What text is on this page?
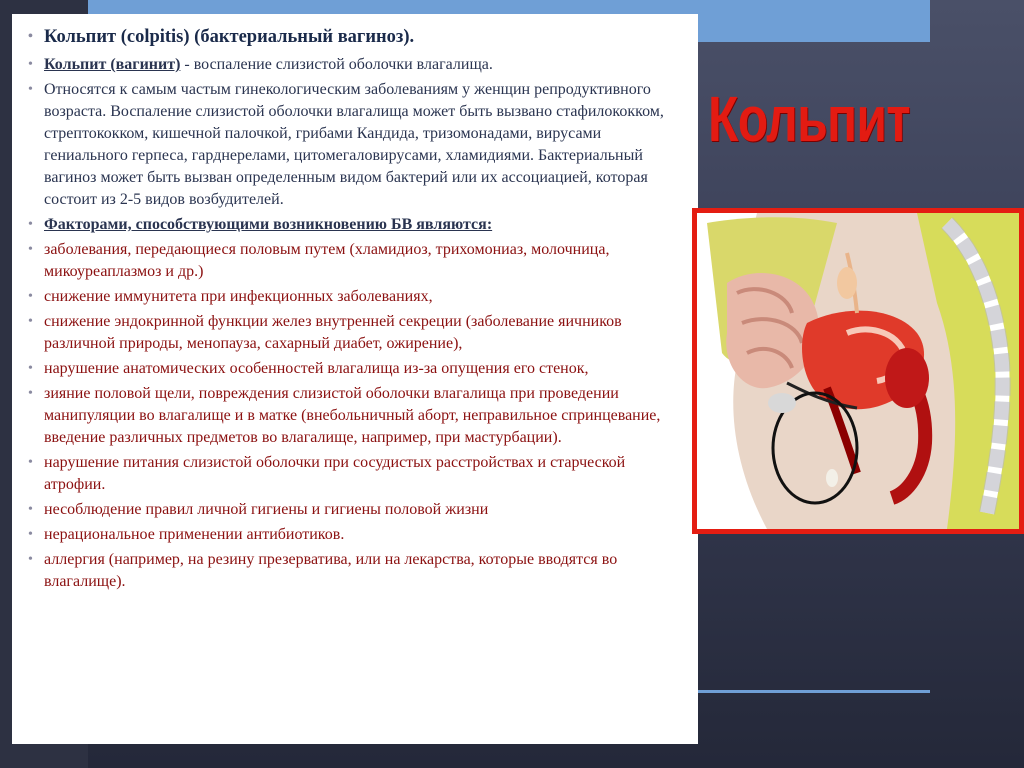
• Кольпит (colpitis) (бактериальный вагиноз).
• Кольпит (вагинит) - воспаление слизистой оболочки влагалища.
• Относятся к самым частым гинекологическим заболеваниям у женщин репродуктивного возраста. Воспаление слизистой оболочки влагалища может быть вызвано стафилококком, стрептококком, кишечной палочкой, грибами Кандида, тризомонадами, вирусами гениального герпеса, гарднерелами, цитомегаловирусами, хламидиями. Бактериальный вагиноз может быть вызван определенным видом бактерий или их ассоциацией, которая состоит из 2-5 видов возбудителей.
• Факторами, способствующими возникновению БВ являются:
• заболевания, передающиеся половым путем (хламидиоз, трихомониаз, молочница, микоуреаплазмоз и др.)
• снижение иммунитета при инфекционных заболеваниях,
• снижение эндокринной функции желез внутренней секреции (заболевание яичников различной природы, менопауза, сахарный диабет, ожирение),
• нарушение анатомических особенностей влагалища из-за опущения его стенок,
• зияние половой щели, повреждения слизистой оболочки влагалища при проведении манипуляции во влагалище и в матке (внебольничный аборт, неправильное спринцевание, введение различных предметов во влагалище, например, при мастурбации).
• нарушение питания слизистой оболочки при сосудистых расстройствах и старческой атрофии.
• несоблюдение правил личной гигиены и гигиены половой жизни
• нерациональное применении антибиотиков.
• аллергия (например, на резину презерватива, или на лекарства, которые вводятся во влагалище).
Кольпит
